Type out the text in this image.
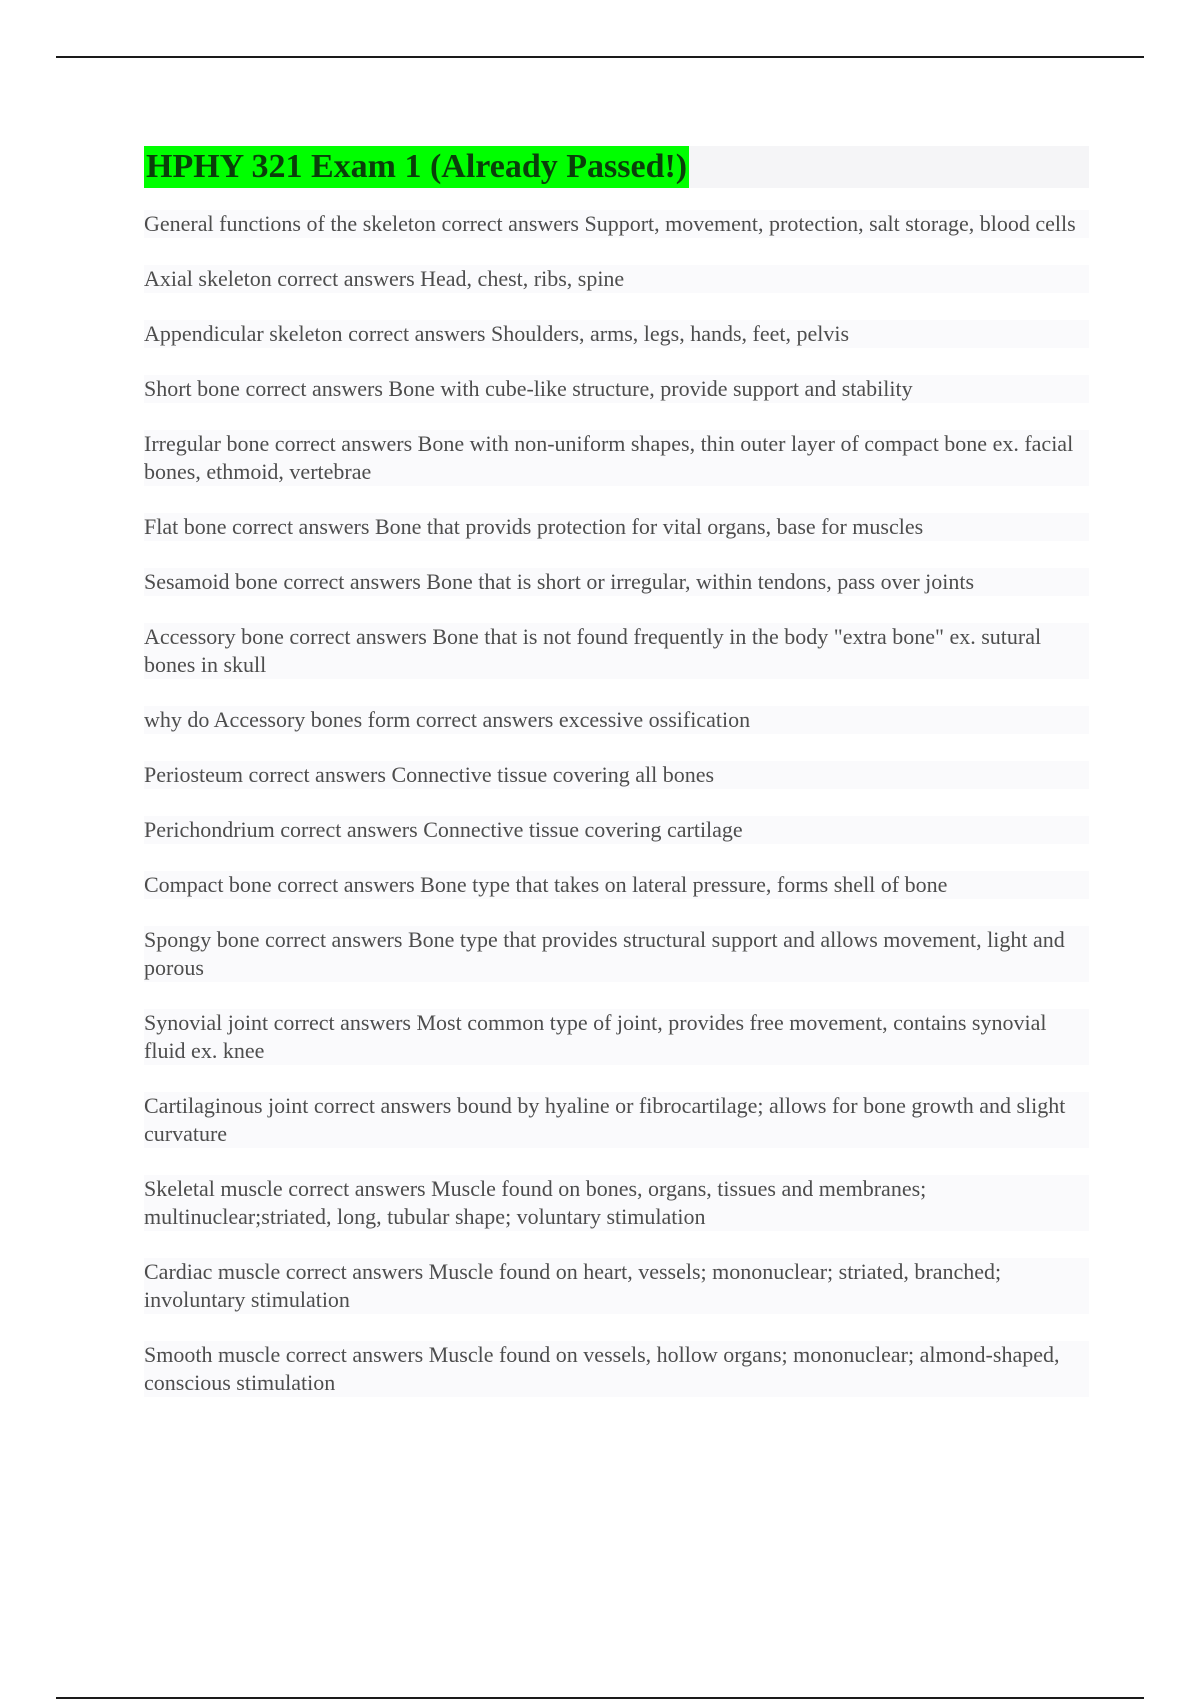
HPHY 321 Exam 1 (Already Passed!)
General functions of the skeleton correct answers Support, movement, protection, salt storage, blood cells
Axial skeleton correct answers Head, chest, ribs, spine
Appendicular skeleton correct answers Shoulders, arms, legs, hands, feet, pelvis
Short bone correct answers Bone with cube-like structure, provide support and stability
Irregular bone correct answers Bone with non-uniform shapes, thin outer layer of compact bone ex. facial bones, ethmoid, vertebrae
Flat bone correct answers Bone that provids protection for vital organs, base for muscles
Sesamoid bone correct answers Bone that is short or irregular, within tendons, pass over joints
Accessory bone correct answers Bone that is not found frequently in the body "extra bone" ex. sutural bones in skull
why do Accessory bones form correct answers excessive ossification
Periosteum correct answers Connective tissue covering all bones
Perichondrium correct answers Connective tissue covering cartilage
Compact bone correct answers Bone type that takes on lateral pressure, forms shell of bone
Spongy bone correct answers Bone type that provides structural support and allows movement, light and porous
Synovial joint correct answers Most common type of joint, provides free movement, contains synovial fluid ex. knee
Cartilaginous joint correct answers bound by hyaline or fibrocartilage; allows for bone growth and slight curvature
Skeletal muscle correct answers Muscle found on bones, organs, tissues and membranes; multinuclear;striated, long, tubular shape; voluntary stimulation
Cardiac muscle correct answers Muscle found on heart, vessels; mononuclear; striated, branched; involuntary stimulation
Smooth muscle correct answers Muscle found on vessels, hollow organs; mononuclear; almond-shaped, conscious stimulation
